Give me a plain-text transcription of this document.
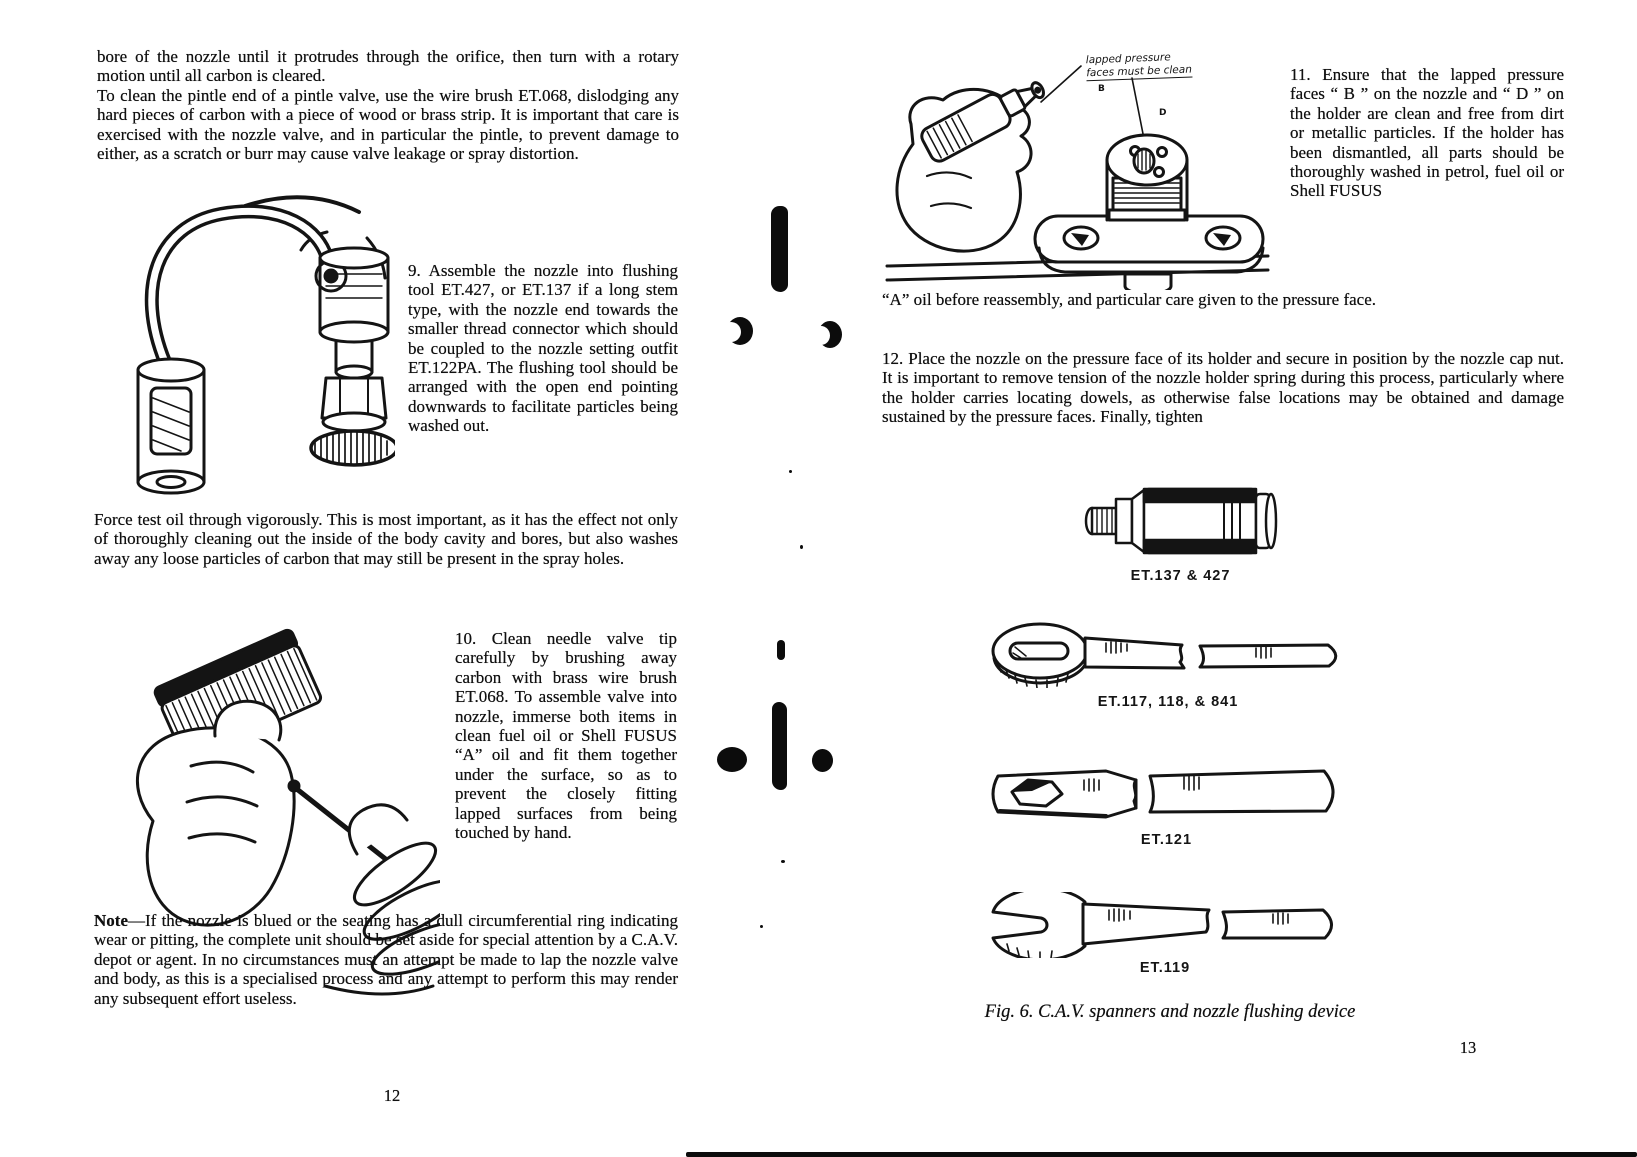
bore of the nozzle until it protrudes through the orifice, then turn with a rotary motion until all carbon is cleared.
To clean the pintle end of a pintle valve, use the wire brush ET.068, dislodging any hard pieces of carbon with a piece of wood or brass strip. It is important that care is exercised with the nozzle valve, and in particular the pintle, to prevent damage to either, as a scratch or burr may cause valve leakage or spray distortion.
9. Assemble the nozzle into flushing tool ET.427, or ET.137 if a long stem type, with the nozzle end towards the smaller thread connector which should be coupled to the nozzle setting outfit ET.122PA. The flushing tool should be arranged with the open end pointing downwards to facilitate particles being washed out.
Force test oil through vigorously. This is most important, as it has the effect not only of thoroughly cleaning out the inside of the body cavity and bores, but also washes away any loose particles of carbon that may still be present in the spray holes.
10. Clean needle valve tip carefully by brushing away carbon with brass wire brush ET.068. To assemble valve into nozzle, immerse both items in clean fuel oil or Shell FUSUS “A” oil and fit them together under the surface, so as to prevent the closely fitting lapped surfaces from being touched by hand.
Note—If the nozzle is blued or the seating has a dull circumferential ring indicating wear or pitting, the complete unit should be set aside for special attention by a C.A.V. depot or agent. In no circumstances must an attempt be made to lap the nozzle valve and body, as this is a specialised process and any attempt to perform this may render any subsequent effort useless.
12
lapped pressure
faces must be clean
B
D
11. Ensure that the lapped pressure faces “ B ” on the nozzle and “ D ” on the holder are clean and free from dirt or metallic particles. If the holder has been dismantled, all parts should be thoroughly washed in petrol, fuel oil or Shell FUSUS
“A” oil before reassembly, and particular care given to the pressure face.
12. Place the nozzle on the pressure face of its holder and secure in position by the nozzle cap nut. It is important to remove tension of the nozzle holder spring during this process, particularly where the holder carries locating dowels, as otherwise false locations may be obtained and damage sustained by the pressure faces. Finally, tighten
ET.137 & 427
ET.117, 118, & 841
ET.121
ET.119
Fig. 6. C.A.V. spanners and nozzle flushing device
13
